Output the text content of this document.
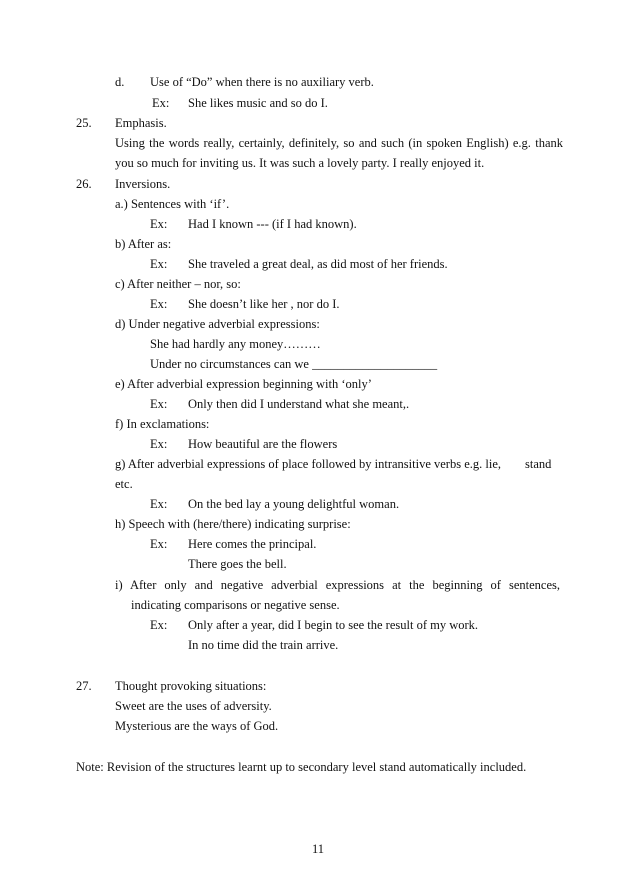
d. Use of “Do” when there is no auxiliary verb.
Ex: She likes music and so do I.
25. Emphasis.
Using the words really, certainly, definitely, so and such (in spoken English) e.g. thank
you so much for inviting us. It was such a lovely party. I really enjoyed it.
26. Inversions.
a.) Sentences with ‘if’.
Ex: Had I known --- (if I had known).
b) After as:
Ex: She traveled a great deal, as did most of her friends.
c) After neither – nor, so:
Ex: She doesn’t like her , nor do I.
d) Under negative adverbial expressions:
She had hardly any money………
Under no circumstances can we ____________________
e) After adverbial expression beginning with ‘only’
Ex: Only then did I understand what she meant,.
f) In exclamations:
Ex: How beautiful are the flowers
g) After adverbial expressions of place followed by intransitive verbs e.g. lie, stand
etc.
Ex: On the bed lay a young delightful woman.
h) Speech with (here/there) indicating surprise:
Ex: Here comes the principal.
There goes the bell.
i) After only and negative adverbial expressions at the beginning of sentences,
indicating comparisons or negative sense.
Ex: Only after a year, did I begin to see the result of my work.
In no time did the train arrive.
27. Thought provoking situations:
Sweet are the uses of adversity.
Mysterious are the ways of God.
Note: Revision of the structures learnt up to secondary level stand automatically included.
11
